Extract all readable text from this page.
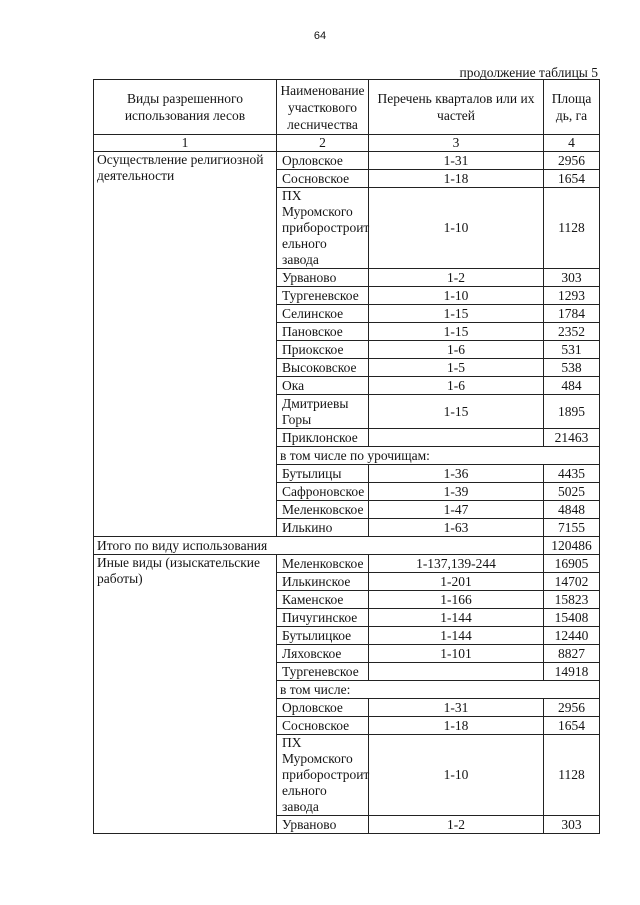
64
продолжение таблицы 5
Виды разрешенного использования лесов	Наименование участкового лесничества	Перечень кварталов или их частей	Площа дь, га
1	2	3	4
Осуществление религиозной деятельности	Орловское	1-31	2956
	Сосновское	1-18	1654
	ПХ Муромского приборостроит ельного завода	1-10	1128
	Урваново	1-2	303
	Тургеневское	1-10	1293
	Селинское	1-15	1784
	Пановское	1-15	2352
	Приокское	1-6	531
	Высоковское	1-5	538
	Ока	1-6	484
	Дмитриевы Горы	1-15	1895
	Приклонское		21463
	в том числе по урочищам:		
	Бутылицы	1-36	4435
	Сафроновское	1-39	5025
	Меленковское	1-47	4848
	Илькино	1-63	7155
Итого по виду использования			120486
Иные виды (изыскательские работы)	Меленковское	1-137,139-244	16905
	Илькинское	1-201	14702
	Каменское	1-166	15823
	Пичугинское	1-144	15408
	Бутылицкое	1-144	12440
	Ляховское	1-101	8827
	Тургеневское		14918
	в том числе:		
	Орловское	1-31	2956
	Сосновское	1-18	1654
	ПХ Муромского приборостроит ельного завода	1-10	1128
	Урваново	1-2	303
